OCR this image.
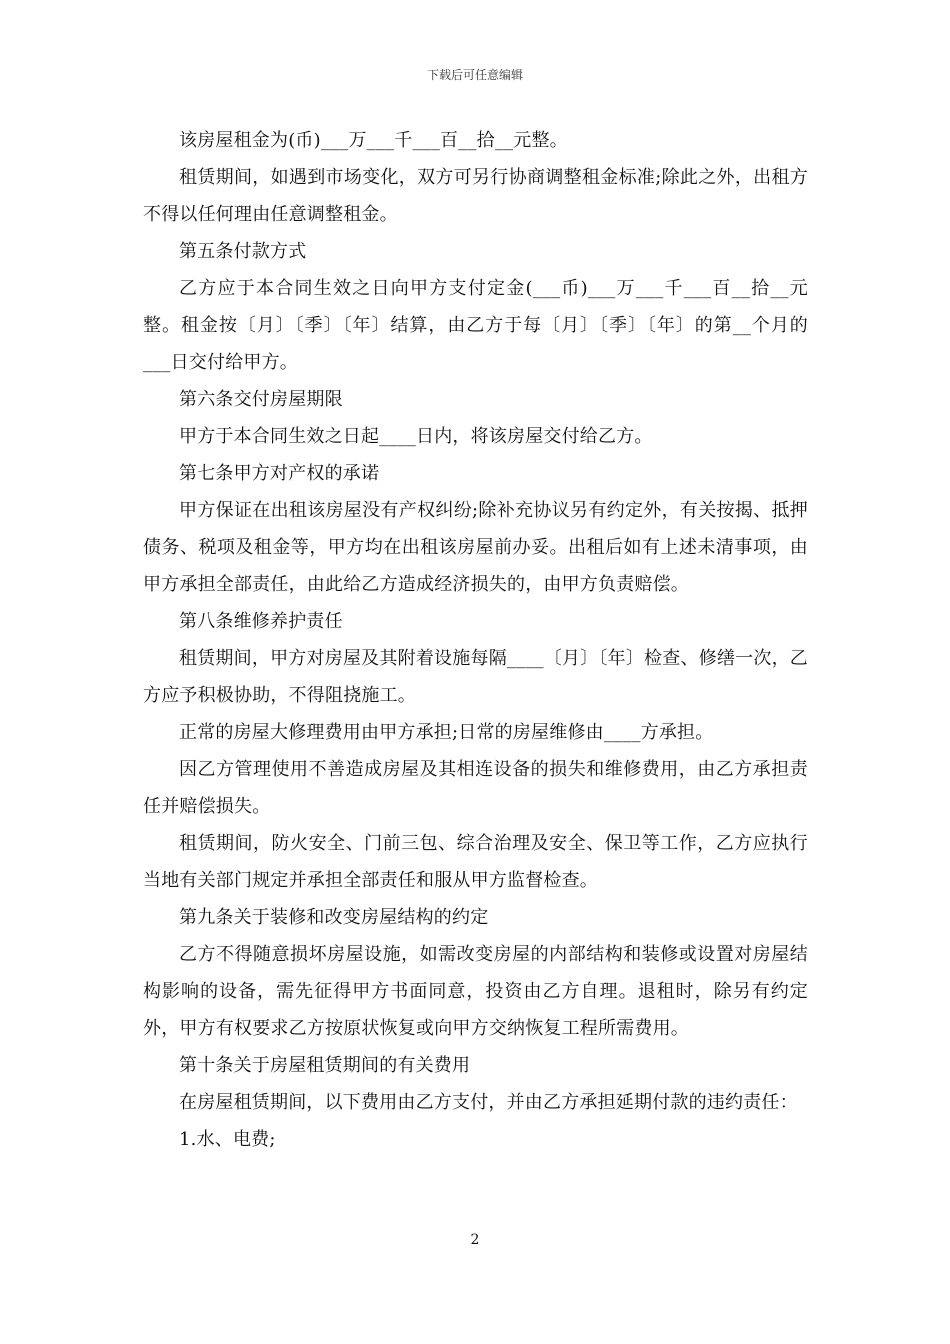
下载后可任意编辑

该房屋租金为(币)___万___千___百__拾__元整。

租赁期间，如遇到市场变化，双方可另行协商调整租金标准;除此之外，出租方不得以任何理由任意调整租金。

第五条付款方式

乙方应于本合同生效之日向甲方支付定金(___币)___万___千___百__拾__元整。租金按〔月〕〔季〕〔年〕结算，由乙方于每〔月〕〔季〕〔年〕的第__个月的___日交付给甲方。

第六条交付房屋期限

甲方于本合同生效之日起____日内，将该房屋交付给乙方。

第七条甲方对产权的承诺

甲方保证在出租该房屋没有产权纠纷;除补充协议另有约定外，有关按揭、抵押债务、税项及租金等，甲方均在出租该房屋前办妥。出租后如有上述未清事项，由甲方承担全部责任，由此给乙方造成经济损失的，由甲方负责赔偿。

第八条维修养护责任

租赁期间，甲方对房屋及其附着设施每隔____〔月〕〔年〕检查、修缮一次，乙方应予积极协助，不得阻挠施工。

正常的房屋大修理费用由甲方承担;日常的房屋维修由____方承担。

因乙方管理使用不善造成房屋及其相连设备的损失和维修费用，由乙方承担责任并赔偿损失。

租赁期间，防火安全、门前三包、综合治理及安全、保卫等工作，乙方应执行当地有关部门规定并承担全部责任和服从甲方监督检查。

第九条关于装修和改变房屋结构的约定

乙方不得随意损坏房屋设施，如需改变房屋的内部结构和装修或设置对房屋结构影响的设备，需先征得甲方书面同意，投资由乙方自理。退租时，除另有约定外，甲方有权要求乙方按原状恢复或向甲方交纳恢复工程所需费用。

第十条关于房屋租赁期间的有关费用

在房屋租赁期间，以下费用由乙方支付，并由乙方承担延期付款的违约责任：

1.水、电费;

2
